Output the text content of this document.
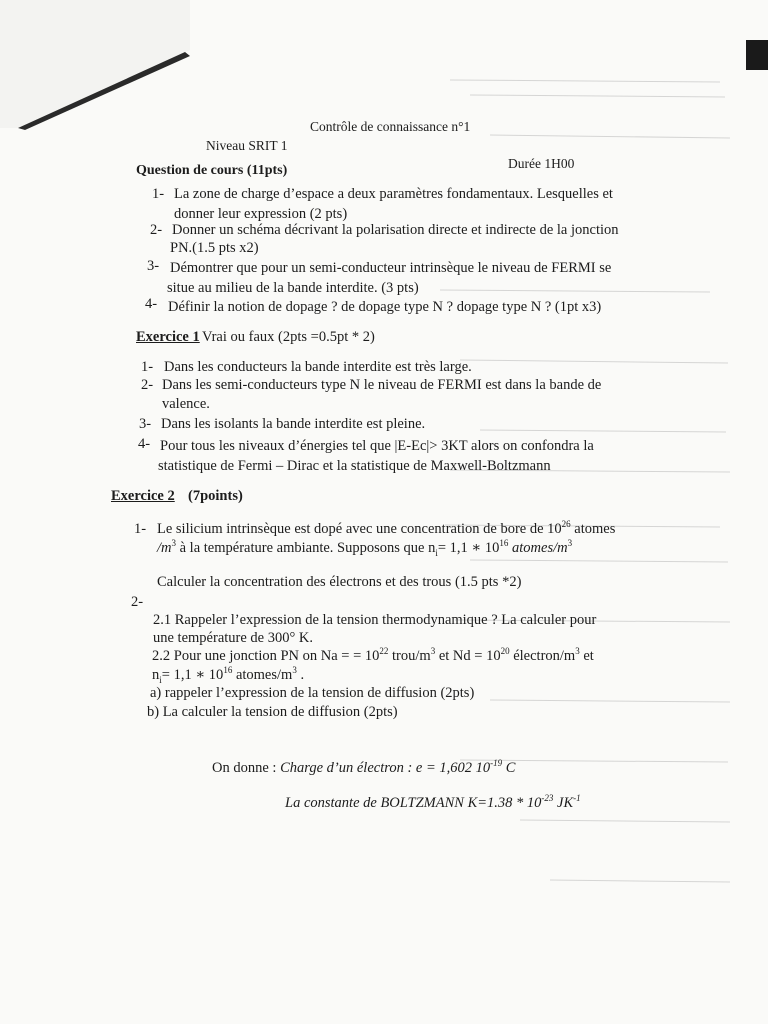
Contrôle de connaissance n°1
Niveau SRIT 1
Durée 1H00
Question de cours (11pts)
1- La zone de charge d’espace a deux paramètres fondamentaux. Lesquelles et
donner leur expression (2 pts)
2- Donner un schéma décrivant la polarisation directe et indirecte de la jonction
PN.(1.5 pts x2)
3- Démontrer que pour un semi-conducteur intrinsèque le niveau de FERMI se
situe au milieu de la bande interdite. (3 pts)
4- Définir la notion de dopage ? de dopage type N ? dopage type N ? (1pt x3)
Exercice 1 Vrai ou faux (2pts =0.5pt * 2)
1- Dans les conducteurs la bande interdite est très large.
2- Dans les semi-conducteurs type N le niveau de FERMI est dans la bande de
valence.
3- Dans les isolants la bande interdite est pleine.
4- Pour tous les niveaux d’énergies tel que |E-Ec|> 3KT alors on confondra la
statistique de Fermi – Dirac et la statistique de Maxwell-Boltzmann
Exercice 2 (7points)
1- Le silicium intrinsèque est dopé avec une concentration de bore de $10^{26}$ atomes
$/m^3$ à la température ambiante. Supposons que $n_i= 1,1$ ∗ $10^{16}$ atomes/$m^3$
Calculer la concentration des électrons et des trous (1.5 pts *2)
2-
2.1 Rappeler l’expression de la tension thermodynamique ? La calculer pour
une température de 300° K.
2.2 Pour une jonction PN on Na = = $10^{22}$ trou/$m^3$ et $Nd = 10^{20}$ électron/$m^3$ et
$n_i= 1,1$ ∗ $10^{16}$ atomes/$m^3$ .
a) rappeler l’expression de la tension de diffusion (2pts)
b) La calculer la tension de diffusion (2pts)
On donne : Charge d’un électron : e = 1,602 $10^{-19}$ C
La constante de BOLTZMANN $K=1.38 * 10^{-23}$ $JK^{-1}$
